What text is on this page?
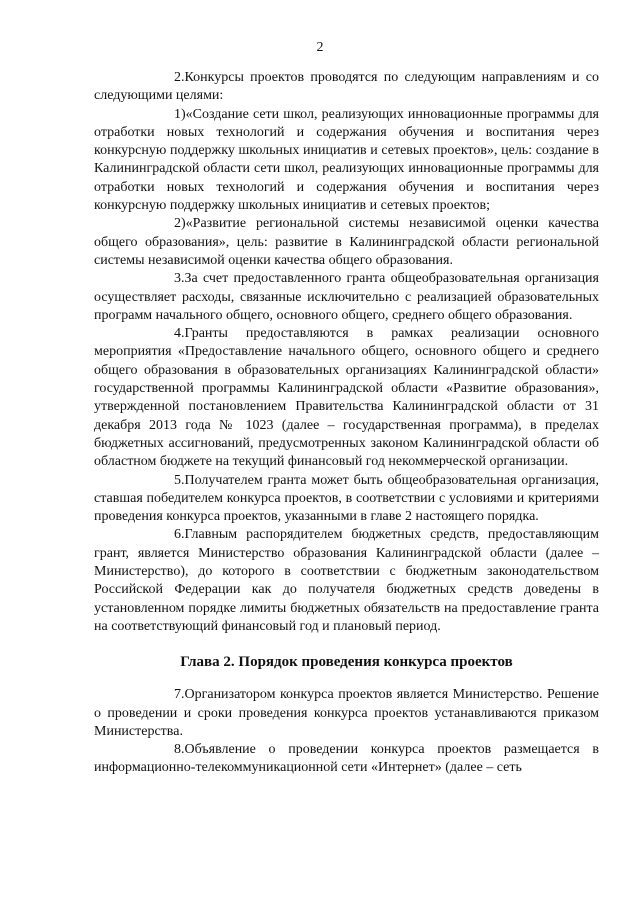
2

2.Конкурсы проектов проводятся по следующим направлениям и со следующими целями:

1)«Создание сети школ, реализующих инновационные программы для отработки новых технологий и содержания обучения и воспитания через конкурсную поддержку школьных инициатив и сетевых проектов», цель: создание в Калининградской области сети школ, реализующих инновационные программы для отработки новых технологий и содержания обучения и воспитания через конкурсную поддержку школьных инициатив и сетевых проектов;

2)«Развитие региональной системы независимой оценки качества общего образования», цель: развитие в Калининградской области региональной системы независимой оценки качества общего образования.

3.За счет предоставленного гранта общеобразовательная организация осуществляет расходы, связанные исключительно с реализацией образовательных программ начального общего, основного общего, среднего общего образования.

4.Гранты предоставляются в рамках реализации основного мероприятия «Предоставление начального общего, основного общего и среднего общего образования в образовательных организациях Калининградской области» государственной программы Калининградской области «Развитие образования», утвержденной постановлением Правительства Калининградской области от 31 декабря 2013 года № 1023 (далее – государственная программа), в пределах бюджетных ассигнований, предусмотренных законом Калининградской области об областном бюджете на текущий финансовый год некоммерческой организации.

5.Получателем гранта может быть общеобразовательная организация, ставшая победителем конкурса проектов, в соответствии с условиями и критериями проведения конкурса проектов, указанными в главе 2 настоящего порядка.

6.Главным распорядителем бюджетных средств, предоставляющим грант, является Министерство образования Калининградской области (далее – Министерство), до которого в соответствии с бюджетным законодательством Российской Федерации как до получателя бюджетных средств доведены в установленном порядке лимиты бюджетных обязательств на предоставление гранта на соответствующий финансовый год и плановый период.

Глава 2. Порядок проведения конкурса проектов

7.Организатором конкурса проектов является Министерство. Решение о проведении и сроки проведения конкурса проектов устанавливаются приказом Министерства.

8.Объявление о проведении конкурса проектов размещается в информационно-телекоммуникационной сети «Интернет» (далее – сеть
